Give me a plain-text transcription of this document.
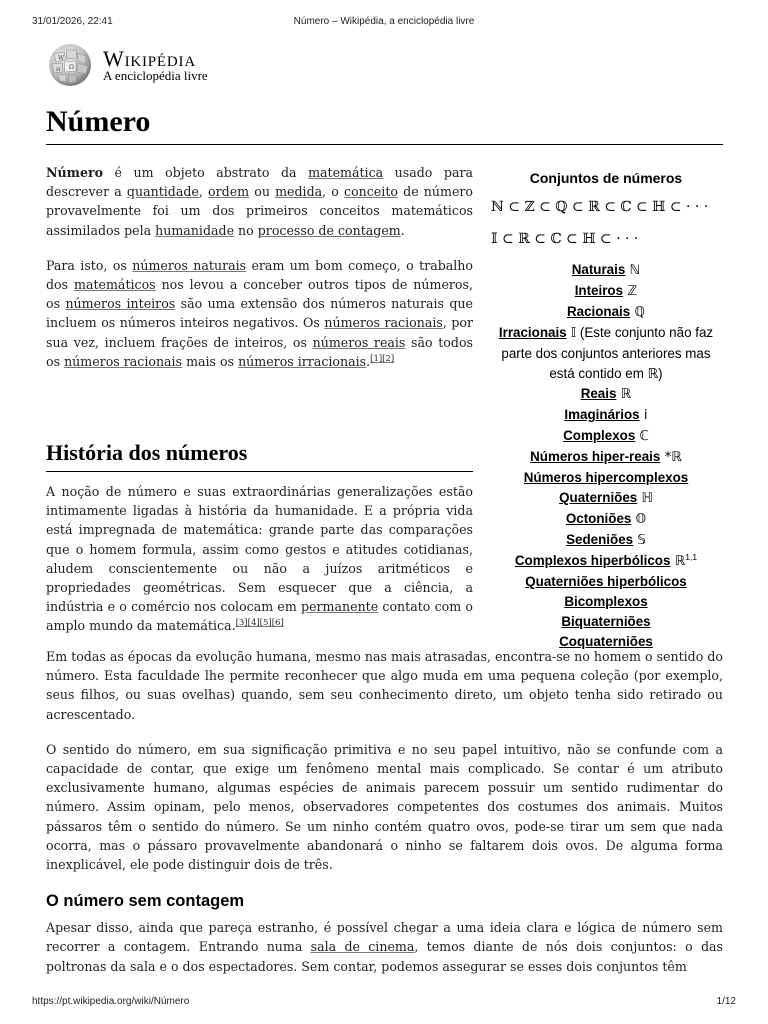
31/01/2026, 22:41	Número – Wikipédia, a enciclopédia livre
W
Ω
И Wikipédia
A enciclopédia livre
Número

Número é um objeto abstrato da matemática usado para descrever a quantidade, ordem ou medida, o conceito de número provavelmente foi um dos primeiros conceitos matemáticos assimilados pela humanidade no processo de contagem.

Para isto, os números naturais eram um bom começo, o trabalho dos matemáticos nos levou a conceber outros tipos de números, os números inteiros são uma extensão dos números naturais que incluem os números inteiros negativos. Os números racionais, por sua vez, incluem frações de inteiros, os números reais são todos os números racionais mais os números irracionais.[1][2]

Conjuntos de números
ℕ ⊂ ℤ ⊂ ℚ ⊂ ℝ ⊂ ℂ ⊂ ℍ ⊂ · · ·
𝕀 ⊂ ℝ ⊂ ℂ ⊂ ℍ ⊂ · · ·
Naturais ℕ
Inteiros ℤ
Racionais ℚ
Irracionais 𝕀 (Este conjunto não faz parte dos conjuntos anteriores mas está contido em ℝ)
Reais ℝ
Imaginários i
Complexos ℂ
Números hiper-reais *ℝ
Números hipercomplexos
Quaterniões ℍ
Octoniões 𝕆
Sedeniões 𝕊
Complexos hiperbólicos ℝ$^{1,1}$
Quaterniões hiperbólicos
Bicomplexos
Biquaterniões
Coquaterniões
História dos números

A noção de número e suas extraordinárias generalizações estão intimamente ligadas à história da humanidade. E a própria vida está impregnada de matemática: grande parte das comparações que o homem formula, assim como gestos e atitudes cotidianas, aludem conscientemente ou não a juízos aritméticos e propriedades geométricas. Sem esquecer que a ciência, a indústria e o comércio nos colocam em permanente contato com o amplo mundo da matemática.[3][4][5][6]

Em todas as épocas da evolução humana, mesmo nas mais atrasadas, encontra-se no homem o sentido do número. Esta faculdade lhe permite reconhecer que algo muda em uma pequena coleção (por exemplo, seus filhos, ou suas ovelhas) quando, sem seu conhecimento direto, um objeto tenha sido retirado ou acrescentado.

O sentido do número, em sua significação primitiva e no seu papel intuitivo, não se confunde com a capacidade de contar, que exige um fenômeno mental mais complicado. Se contar é um atributo exclusivamente humano, algumas espécies de animais parecem possuir um sentido rudimentar do número. Assim opinam, pelo menos, observadores competentes dos costumes dos animais. Muitos pássaros têm o sentido do número. Se um ninho contém quatro ovos, pode-se tirar um sem que nada ocorra, mas o pássaro provavelmente abandonará o ninho se faltarem dois ovos. De alguma forma inexplicável, ele pode distinguir dois de três.

O número sem contagem

Apesar disso, ainda que pareça estranho, é possível chegar a uma ideia clara e lógica de número sem recorrer a contagem. Entrando numa sala de cinema, temos diante de nós dois conjuntos: o das poltronas da sala e o dos espectadores. Sem contar, podemos assegurar se esses dois conjuntos têm

https://pt.wikipedia.org/wiki/Número	1/12
